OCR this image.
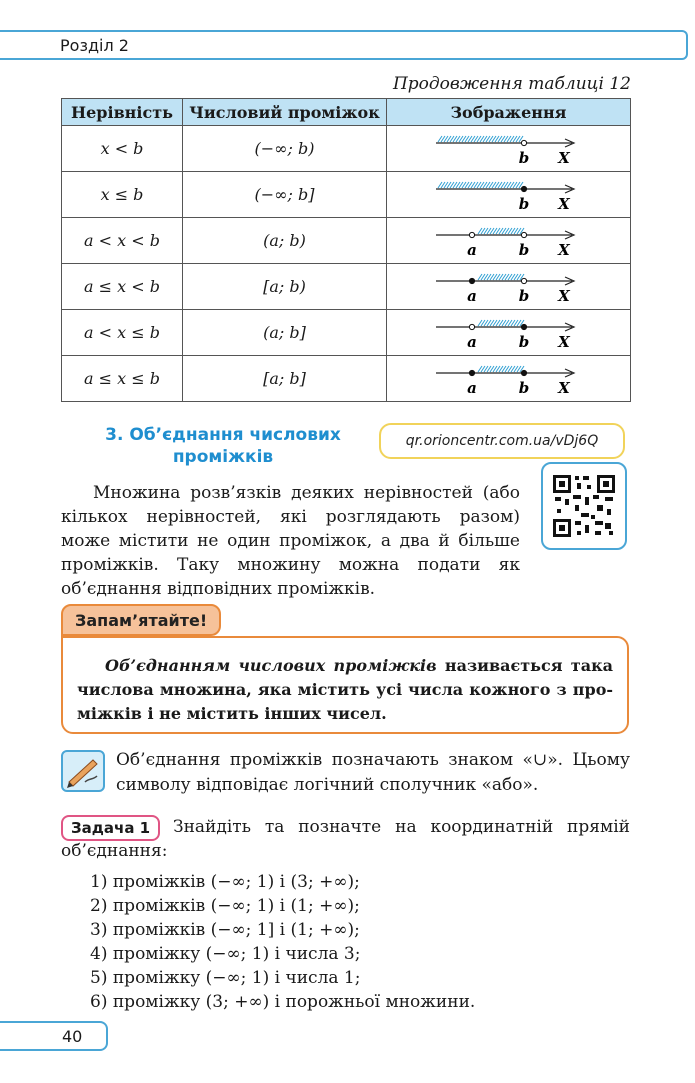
Розділ 2
Продовження таблиці 12
Нерівність	Числовий проміжок	Зображення
x < b	(−∞; b)	b X

x ≤ b	(−∞; b]	b X

a < x < b	(a; b)	a b X

a ≤ x < b	[a; b)	a b X

a < x ≤ b	(a; b]	a b X

a ≤ x ≤ b	[a; b]	a b X
3. Об’єднання числових
проміжків
qr.orioncentr.com.ua/vDj6Q

Множина розв’язків деяких нерівностей (або кількох нерівностей, які розглядають разом) може містити не один проміжок, а два й більше проміжків. Таку множину можна подати як об’єднання відповідних проміжків.

Запам’ятайте!
Об’єднанням числових проміжків називається така числова множина, яка містить усі числа кожного з проміжків і не містить інших чисел.
Об’єднання проміжків позначають знаком «∪». Цьому символу відповідає логічний сполучник «або».

Знайдіть та позначте на координатній прямій об’єднання:

Задача 1
1) проміжків (−∞; 1) і (3; +∞);
2) проміжків (−∞; 1) і (1; +∞);
3) проміжків (−∞; 1] і (1; +∞);
4) проміжку (−∞; 1) і числа 3;
5) проміжку (−∞; 1) і числа 1;
6) проміжку (3; +∞) і порожньої множини.
40
